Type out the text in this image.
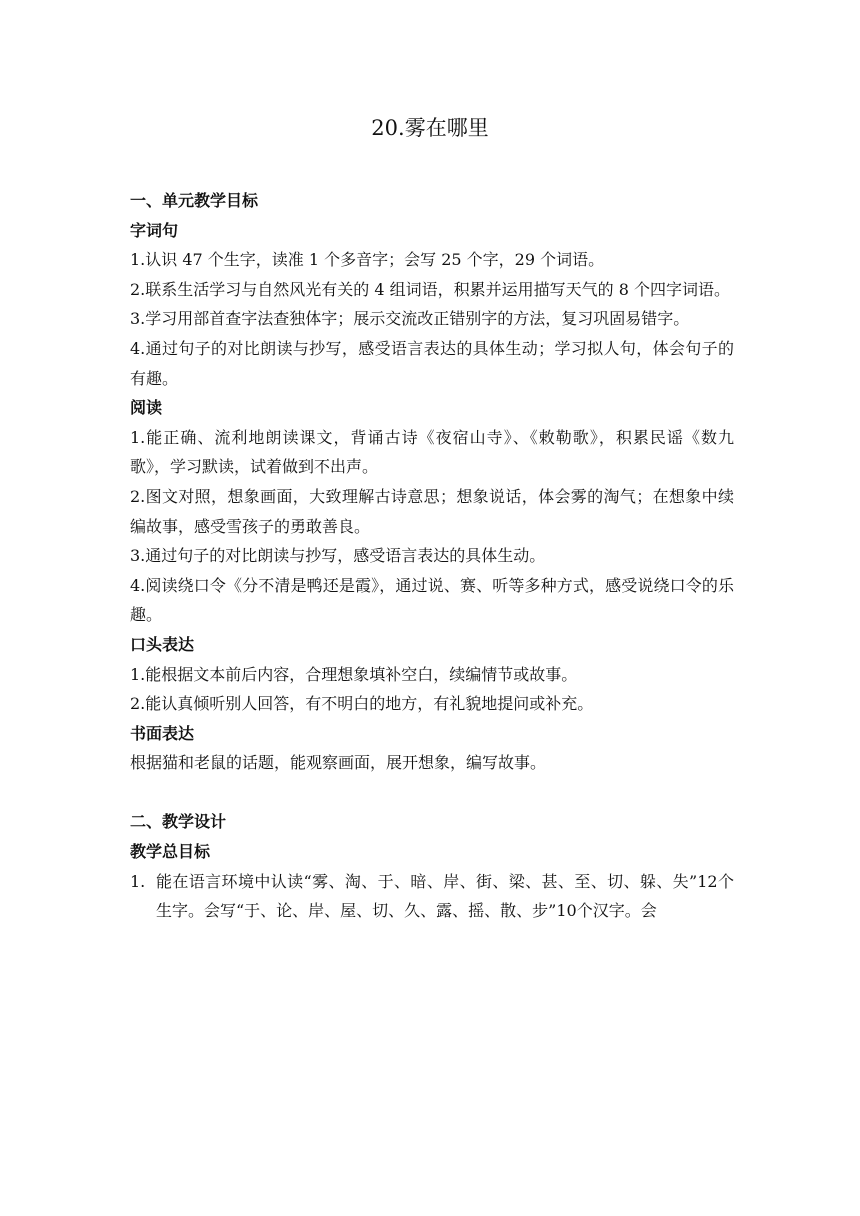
20.雾在哪里

一、单元教学目标

字词句

1.认识 47 个生字，读准 1 个多音字；会写 25 个字，29 个词语。

2.联系生活学习与自然风光有关的 4 组词语，积累并运用描写天气的 8 个四字词语。

3.学习用部首查字法查独体字；展示交流改正错别字的方法，复习巩固易错字。

4.通过句子的对比朗读与抄写，感受语言表达的具体生动；学习拟人句，体会句子的有趣。

阅读

1.能正确、流利地朗读课文，背诵古诗《夜宿山寺》、《敕勒歌》，积累民谣《数九歌》，学习默读，试着做到不出声。

2.图文对照，想象画面，大致理解古诗意思；想象说话，体会雾的淘气；在想象中续编故事，感受雪孩子的勇敢善良。

3.通过句子的对比朗读与抄写，感受语言表达的具体生动。

4.阅读绕口令《分不清是鸭还是霞》，通过说、赛、听等多种方式，感受说绕口令的乐趣。

口头表达

1.能根据文本前后内容，合理想象填补空白，续编情节或故事。

2.能认真倾听别人回答，有不明白的地方，有礼貌地提问或补充。

书面表达

根据猫和老鼠的话题，能观察画面，展开想象，编写故事。

二、教学设计

教学总目标

1. 能在语言环境中认读“雾、淘、于、暗、岸、街、梁、甚、至、切、躲、失”12个生字。会写“于、论、岸、屋、切、久、露、摇、散、步”10个汉字。会
